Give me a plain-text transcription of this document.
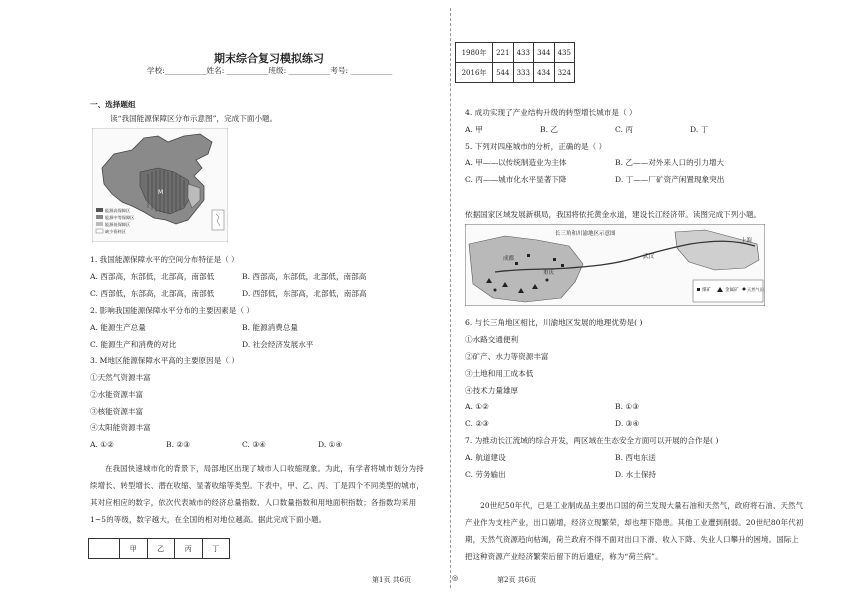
期末综合复习模拟练习
学校:___________姓名: ___________班级: ___________考号: ___________
一、选择题组
读“我国能源保障区分布示意图”，完成下面小题。
M
能源高保障区
能源中等保障区
能源低保障区
缺少资料区
1. 我国能源保障水平的空间分布特征是（ ）
A. 西部高，东部低，北部高，南部低	B. 西部高，东部低，北部低，南部高
C. 西部低，东部高，北部高，南部低	D. 西部低，东部高，北部低，南部高
2. 影响我国能源保障水平分布的主要因素是（ ）
A. 能源生产总量	B. 能源消费总量
C. 能源生产和消费的对比	D. 社会经济发展水平
3. M地区能源保障水平高的主要原因是（ ）
①天然气资源丰富
②水能资源丰富
③核能资源丰富
④太阳能资源丰富
A. ①②	B. ②③	C. ③④	D. ①④
在我国快速城市化的背景下，局部地区出现了城市人口收缩现象。为此，有学者将城市划分为持续增长、转型增长、潜在收缩、显著收缩等类型。下表中，甲、乙、丙、丁是四个不同类型的城市，其对应相应的数字，依次代表城市的经济总量指数、人口数量指数和用地面积指数；各指数均采用1~5的等级，数字越大，在全国的相对地位越高。据此完成下面小题。
	甲	乙	丙	丁
第1页 共6页	◎	第2页 共6页
1980年	221	433	344	435
2016年	544	333	434	324
4. 成功实现了产业结构升级的转型增长城市是（ ）
A. 甲	B. 乙	C. 丙	D. 丁
5. 下列对四座城市的分析，正确的是（ ）
A. 甲——以传统制造业为主体	B. 乙——对外来人口的引力增大
C. 丙——城市化水平显著下降	D. 丁——厂矿资产闲置现象突出
依据国家区域发展新棋局，我国将依托黄金水道，建设长江经济带。读图完成下列小题。
长三角和川渝地区示意图
成都
重庆
武汉
上海
煤矿	金属矿 天然气田
6. 与长三角地区相比，川渝地区发展的地理优势是( )
①水路交通便利
②矿产、水力等资源丰富
③土地和用工成本低
④技术力量雄厚
A. ①②	B. ①③
C. ②③	D. ③④
7. 为推动长江流域的综合开发，两区域在生态安全方面可以开展的合作是( )
A. 航道建设	B. 西电东送
C. 劳务输出	D. 水土保持
20世纪50年代，已是工业制成品主要出口国的荷兰发现大量石油和天然气，政府将石油、天然气产业作为支柱产业，出口剧增，经济立现繁荣，却也埋下隐患。其他工业遭到削弱。20世纪80年代初期，天然气资源趋向枯竭，荷兰政府不得不面对出口下滑、收入下降、失业人口攀升的困境。国际上把这种资源产业经济繁荣后留下的后遗症，称为“荷兰病”。
